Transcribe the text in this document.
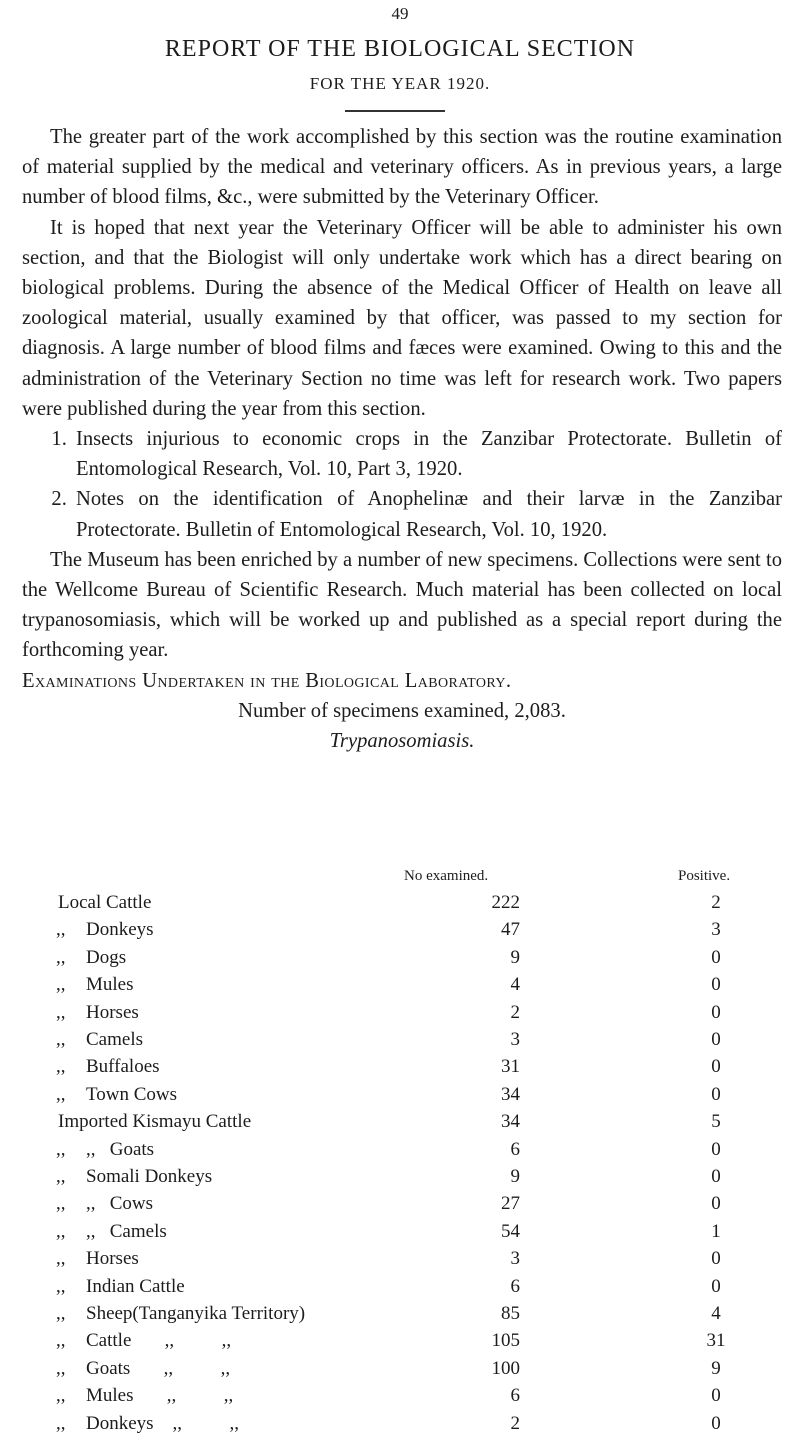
49
REPORT OF THE BIOLOGICAL SECTION
FOR THE YEAR 1920.

The greater part of the work accomplished by this section was the routine examination of material supplied by the medical and veterinary officers. As in previous years, a large number of blood films, &c., were submitted by the Veterinary Officer.

It is hoped that next year the Veterinary Officer will be able to administer his own section, and that the Biologist will only undertake work which has a direct bearing on biological problems. During the absence of the Medical Officer of Health on leave all zoological material, usually examined by that officer, was passed to my section for diagnosis. A large number of blood films and fæces were examined. Owing to this and the administration of the Veterinary Section no time was left for research work. Two papers were published during the year from this section.

1. Insects injurious to economic crops in the Zanzibar Protectorate. Bulletin of Entomological Research, Vol. 10, Part 3, 1920.
2. Notes on the identification of Anophelinæ and their larvæ in the Zanzibar Protectorate. Bulletin of Entomological Research, Vol. 10, 1920.

The Museum has been enriched by a number of new specimens. Collections were sent to the Wellcome Bureau of Scientific Research. Much material has been collected on local trypanosomiasis, which will be worked up and published as a special report during the forthcoming year.

Examinations Undertaken in the Biological Laboratory.

Number of specimens examined, 2,083.

Trypanosomiasis.

No examined.	Positive.
Local Cattle	222	2
,,	Donkeys	47	3
,,	Dogs	9	0
,,	Mules	4	0
,,	Horses	2	0
,,	Camels	3	0
,,	Buffaloes	31	0
,,	Town Cows	34	0
Imported Kismayu Cattle	34	5
,,	,,   Goats	6	0
,,	Somali Donkeys	9	0
,,	,,   Cows	27	0
,,	,,   Camels	54	1
,,	Horses	3	0
,,	Indian Cattle	6	0
,,	Sheep(Tanganyika Territory)	85	4
,,	Cattle       ,,          ,,	105	31
,,	Goats       ,,          ,,	100	9
,,	Mules       ,,          ,,	6	0
,,	Donkeys    ,,          ,,	2	0
